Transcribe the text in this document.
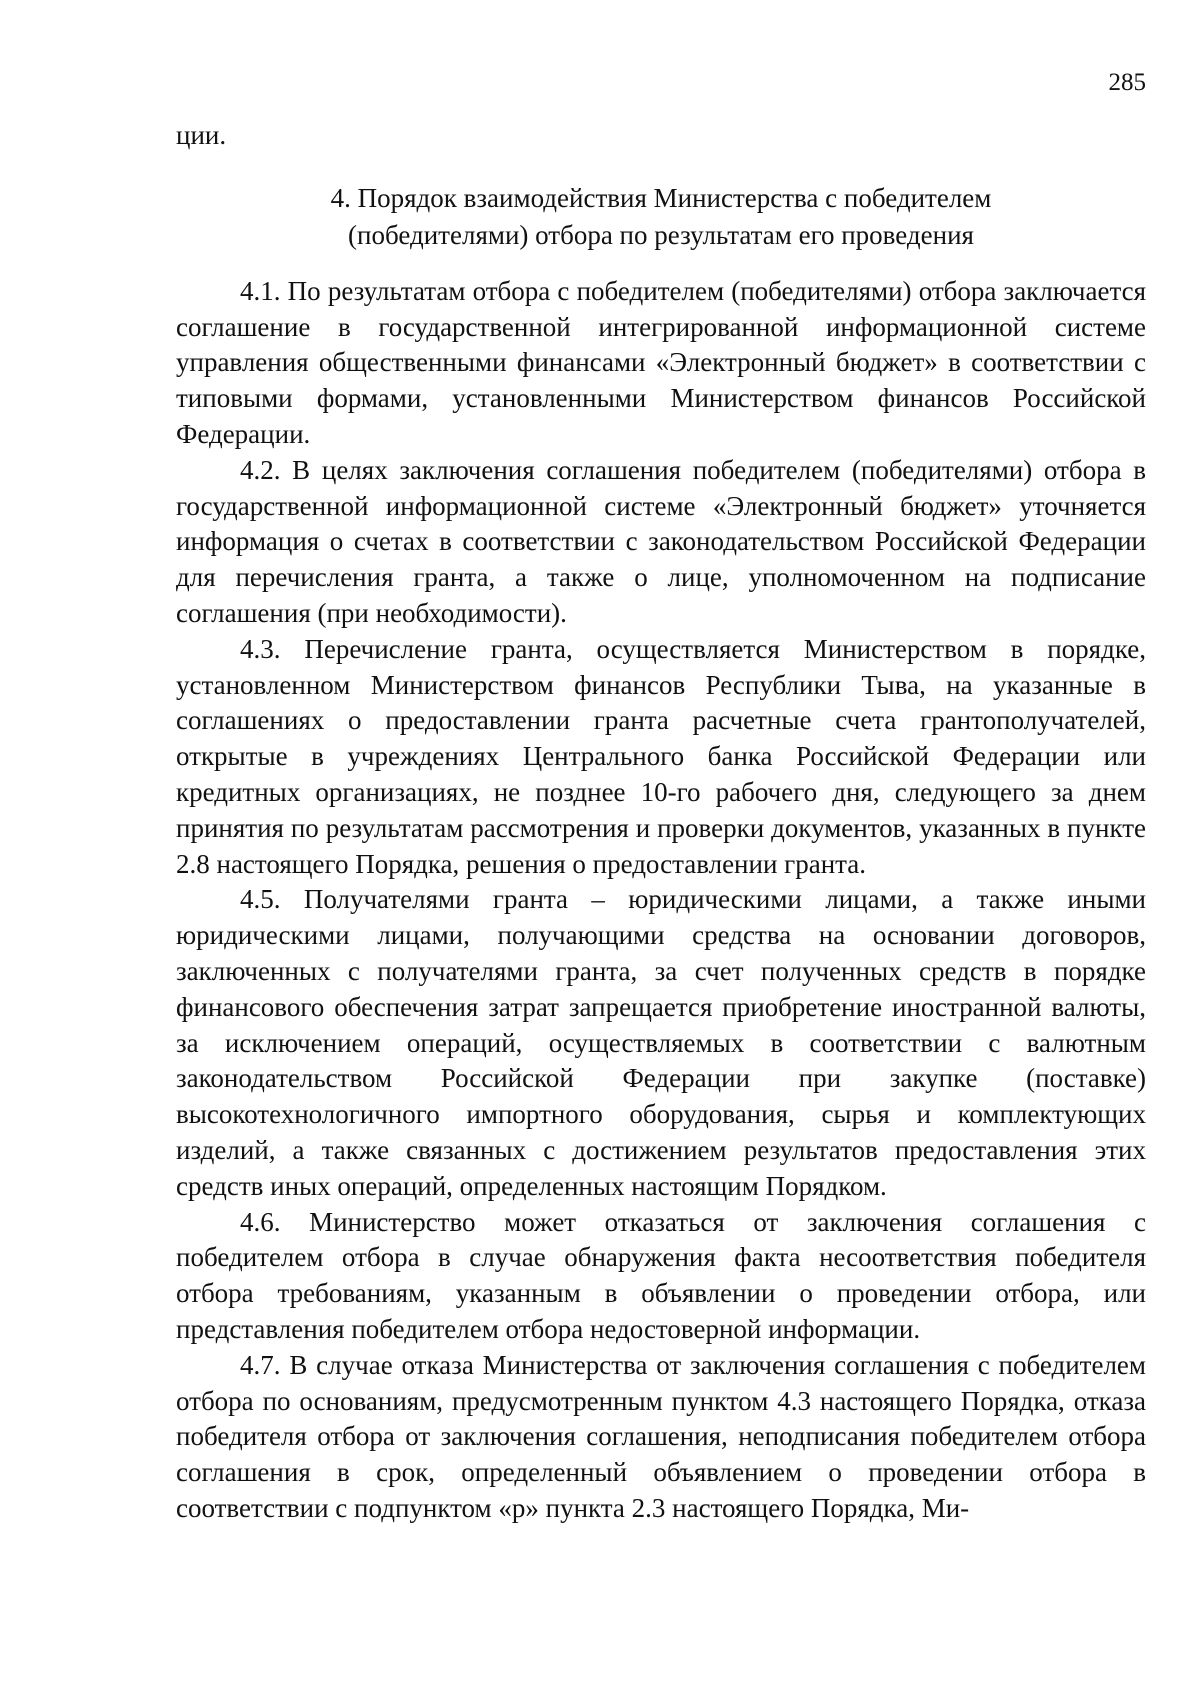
285

ции.

4. Порядок взаимодействия Министерства с победителем
(победителями) отбора по результатам его проведения

4.1. По результатам отбора с победителем (победителями) отбора заключается соглашение в государственной интегрированной информационной системе управления общественными финансами «Электронный бюджет» в соответствии с типовыми формами, установленными Министерством финансов Российской Федерации.

4.2. В целях заключения соглашения победителем (победителями) отбора в государственной информационной системе «Электронный бюджет» уточняется информация о счетах в соответствии с законодательством Российской Федерации для перечисления гранта, а также о лице, уполномоченном на подписание соглашения (при необходимости).

4.3. Перечисление гранта, осуществляется Министерством в порядке, установленном Министерством финансов Республики Тыва, на указанные в соглашениях о предоставлении гранта расчетные счета грантополучателей, открытые в учреждениях Центрального банка Российской Федерации или кредитных организациях, не позднее 10-го рабочего дня, следующего за днем принятия по результатам рассмотрения и проверки документов, указанных в пункте 2.8 настоящего Порядка, решения о предоставлении гранта.

4.5. Получателями гранта – юридическими лицами, а также иными юридическими лицами, получающими средства на основании договоров, заключенных с получателями гранта, за счет полученных средств в порядке финансового обеспечения затрат запрещается приобретение иностранной валюты, за исключением операций, осуществляемых в соответствии с валютным законодательством Российской Федерации при закупке (поставке) высокотехнологичного импортного оборудования, сырья и комплектующих изделий, а также связанных с достижением результатов предоставления этих средств иных операций, определенных настоящим Порядком.

4.6. Министерство может отказаться от заключения соглашения с победителем отбора в случае обнаружения факта несоответствия победителя отбора требованиям, указанным в объявлении о проведении отбора, или представления победителем отбора недостоверной информации.

4.7. В случае отказа Министерства от заключения соглашения с победителем отбора по основаниям, предусмотренным пунктом 4.3 настоящего Порядка, отказа победителя отбора от заключения соглашения, неподписания победителем отбора соглашения в срок, определенный объявлением о проведении отбора в соответствии с подпунктом «р» пункта 2.3 настоящего Порядка, Ми-
